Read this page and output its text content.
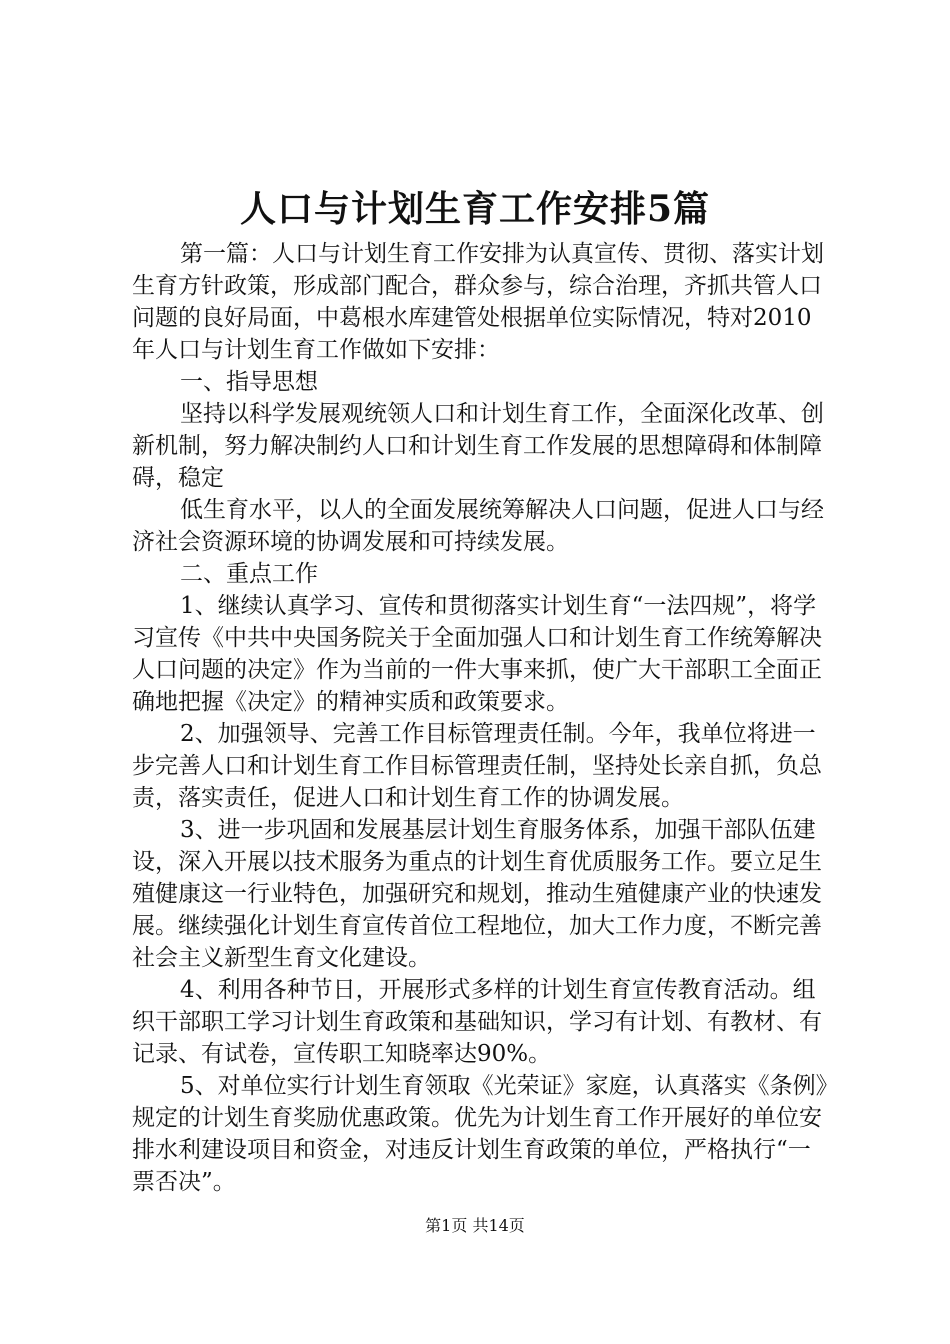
人口与计划生育工作安排5篇

第一篇：人口与计划生育工作安排为认真宣传、贯彻、落实计划生育方针政策，形成部门配合，群众参与，综合治理，齐抓共管人口问题的良好局面，中葛根水库建管处根据单位实际情况，特对2010年人口与计划生育工作做如下安排：

一、指导思想

坚持以科学发展观统领人口和计划生育工作，全面深化改革、创新机制，努力解决制约人口和计划生育工作发展的思想障碍和体制障碍，稳定

低生育水平，以人的全面发展统筹解决人口问题，促进人口与经济社会资源环境的协调发展和可持续发展。

二、重点工作

1、继续认真学习、宣传和贯彻落实计划生育“一法四规”，将学习宣传《中共中央国务院关于全面加强人口和计划生育工作统筹解决人口问题的决定》作为当前的一件大事来抓，使广大干部职工全面正确地把握《决定》的精神实质和政策要求。

2、加强领导、完善工作目标管理责任制。今年，我单位将进一步完善人口和计划生育工作目标管理责任制，坚持处长亲自抓，负总责，落实责任，促进人口和计划生育工作的协调发展。

3、进一步巩固和发展基层计划生育服务体系，加强干部队伍建设，深入开展以技术服务为重点的计划生育优质服务工作。要立足生殖健康这一行业特色，加强研究和规划，推动生殖健康产业的快速发展。继续强化计划生育宣传首位工程地位，加大工作力度，不断完善社会主义新型生育文化建设。

4、利用各种节日，开展形式多样的计划生育宣传教育活动。组织干部职工学习计划生育政策和基础知识，学习有计划、有教材、有记录、有试卷，宣传职工知晓率达90%。

5、对单位实行计划生育领取《光荣证》家庭，认真落实《条例》规定的计划生育奖励优惠政策。优先为计划生育工作开展好的单位安排水利建设项目和资金，对违反计划生育政策的单位，严格执行“一票否决”。

第1页 共14页
